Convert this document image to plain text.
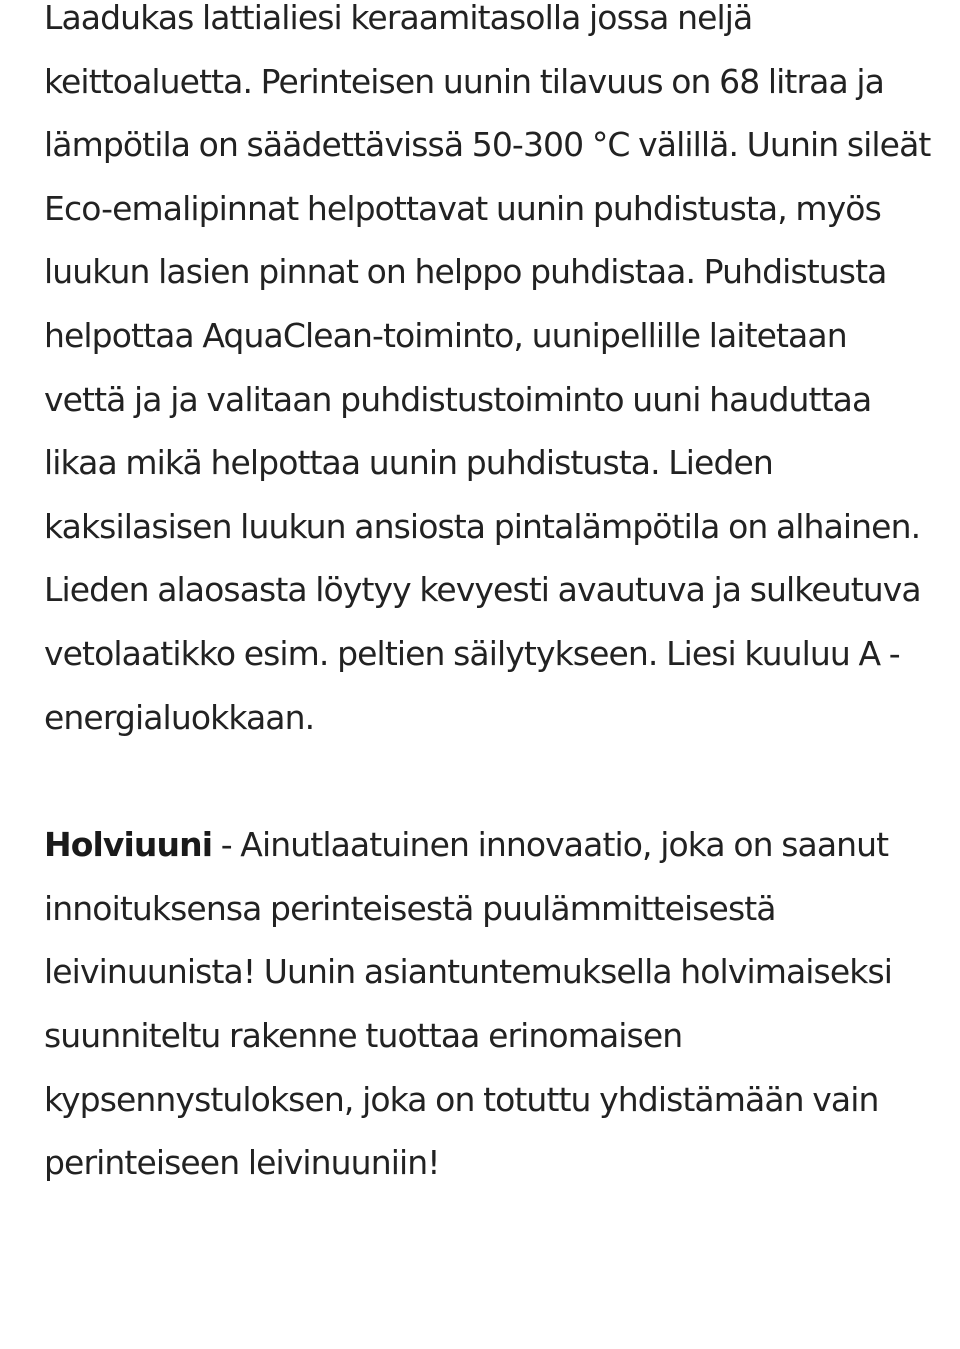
Laadukas lattialiesi keraamitasolla jossa neljä keittoaluetta. Perinteisen uunin tilavuus on 68 litraa ja lämpötila on säädettävissä 50-300 °C välillä. Uunin sileät Eco-emalipinnat helpottavat uunin puhdistusta, myös luukun lasien pinnat on helppo puhdistaa. Puhdistusta helpottaa AquaClean-toiminto, uunipellille laitetaan vettä ja ja valitaan puhdistustoiminto uuni hauduttaa likaa mikä helpottaa uunin puhdistusta. Lieden kaksilasisen luukun ansiosta pintalämpötila on alhainen. Lieden alaosasta löytyy kevyesti avautuva ja sulkeutuva vetolaatikko esim. peltien säilytykseen. Liesi kuuluu A -energialuokkaan.

Holviuuni - Ainutlaatuinen innovaatio, joka on saanut innoituksensa perinteisestä puulämmitteisestä leivinuunista! Uunin asiantuntemuksella holvimaiseksi suunniteltu rakenne tuottaa erinomaisen kypsennystuloksen, joka on totuttu yhdistämään vain perinteiseen leivinuuniin!
